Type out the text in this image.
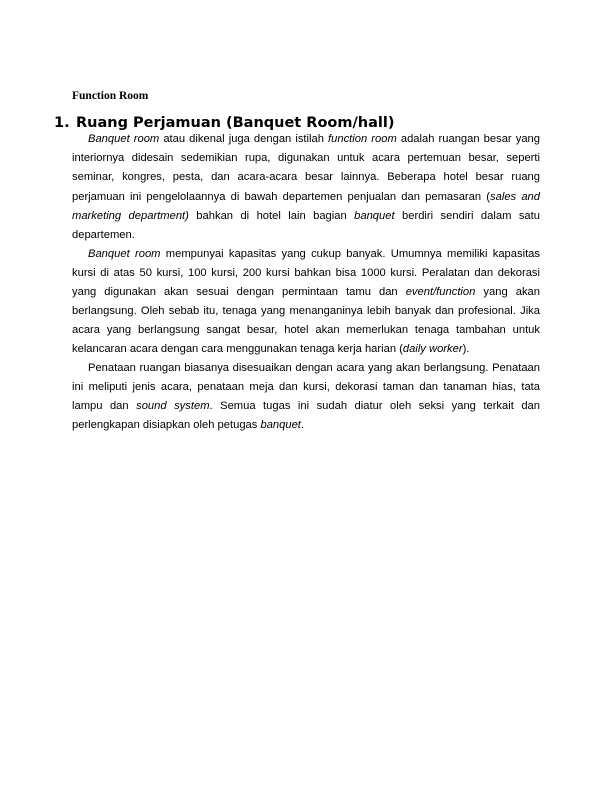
Function Room
1. Ruang Perjamuan (Banquet Room/hall)

Banquet room atau dikenal juga dengan istilah function room adalah ruangan besar yang interiornya didesain sedemikian rupa, digunakan untuk acara pertemuan besar, seperti seminar, kongres, pesta, dan acara-acara besar lainnya. Beberapa hotel besar ruang perjamuan ini pengelolaannya di bawah departemen penjualan dan pemasaran (sales and marketing department) bahkan di hotel lain bagian banquet berdiri sendiri dalam satu departemen.

Banquet room mempunyai kapasitas yang cukup banyak. Umumnya memiliki kapasitas kursi di atas 50 kursi, 100 kursi, 200 kursi bahkan bisa 1000 kursi. Peralatan dan dekorasi yang digunakan akan sesuai dengan permintaan tamu dan event/function yang akan berlangsung. Oleh sebab itu, tenaga yang menanganinya lebih banyak dan profesional. Jika acara yang berlangsung sangat besar, hotel akan memerlukan tenaga tambahan untuk kelancaran acara dengan cara menggunakan tenaga kerja harian (daily worker).

Penataan ruangan biasanya disesuaikan dengan acara yang akan berlangsung. Penataan ini meliputi jenis acara, penataan meja dan kursi, dekorasi taman dan tanaman hias, tata lampu dan sound system. Semua tugas ini sudah diatur oleh seksi yang terkait dan perlengkapan disiapkan oleh petugas banquet.
